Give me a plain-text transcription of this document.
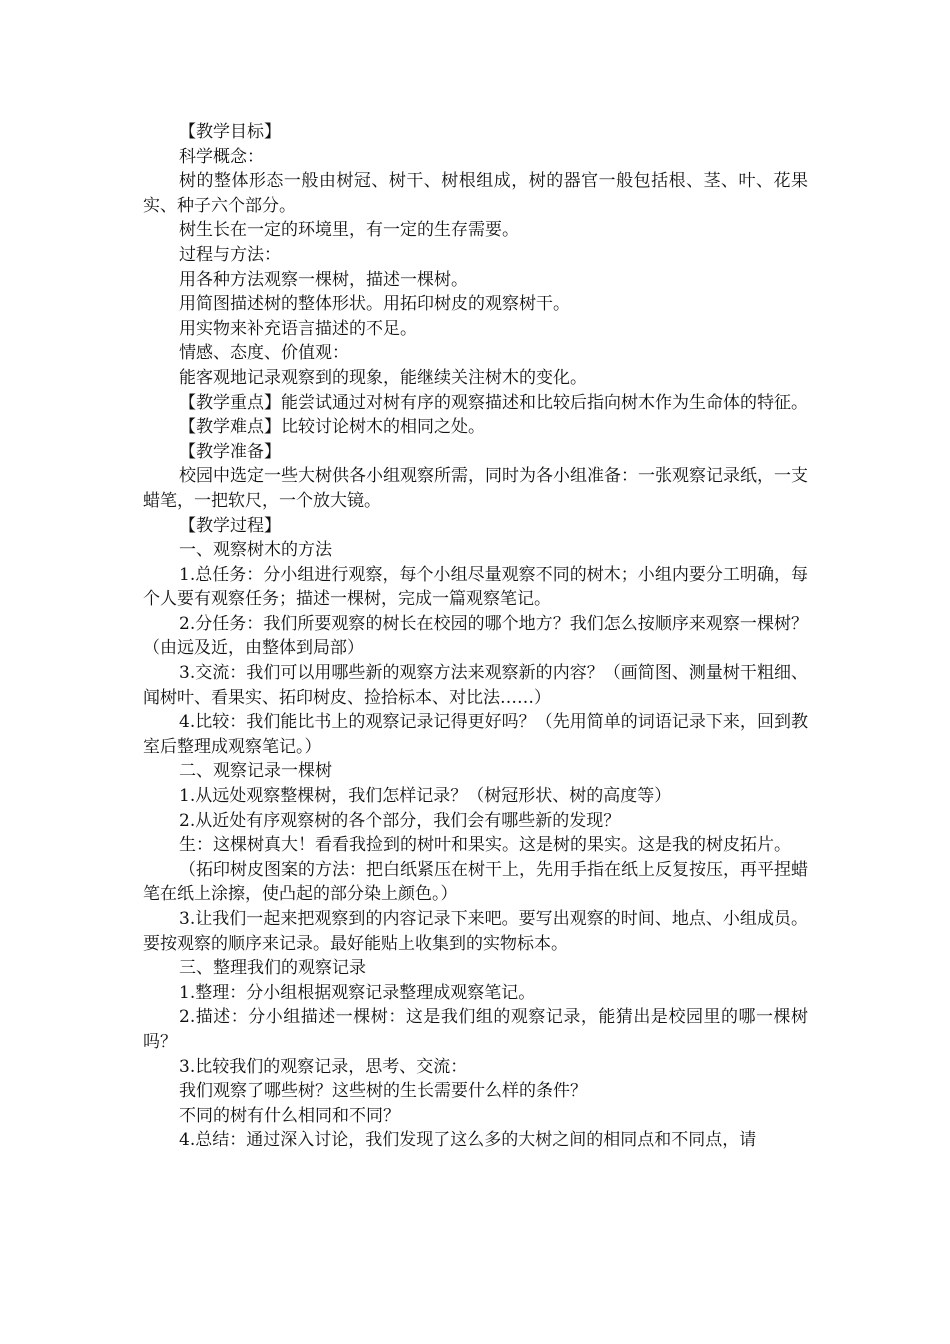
【教学目标】

科学概念：

树的整体形态一般由树冠、树干、树根组成，树的器官一般包括根、茎、叶、花果实、种子六个部分。

树生长在一定的环境里，有一定的生存需要。

过程与方法：

用各种方法观察一棵树，描述一棵树。

用简图描述树的整体形状。用拓印树皮的观察树干。

用实物来补充语言描述的不足。

情感、态度、价值观：

能客观地记录观察到的现象，能继续关注树木的变化。

【教学重点】能尝试通过对树有序的观察描述和比较后指向树木作为生命体的特征。

【教学难点】比较讨论树木的相同之处。

【教学准备】

校园中选定一些大树供各小组观察所需，同时为各小组准备：一张观察记录纸，一支蜡笔，一把软尺，一个放大镜。

【教学过程】

一、观察树木的方法

1.总任务：分小组进行观察，每个小组尽量观察不同的树木；小组内要分工明确，每个人要有观察任务；描述一棵树，完成一篇观察笔记。

2.分任务：我们所要观察的树长在校园的哪个地方？我们怎么按顺序来观察一棵树？（由远及近，由整体到局部）

3.交流：我们可以用哪些新的观察方法来观察新的内容？（画简图、测量树干粗细、闻树叶、看果实、拓印树皮、捡拾标本、对比法……）

4.比较：我们能比书上的观察记录记得更好吗？（先用简单的词语记录下来，回到教室后整理成观察笔记。）

二、观察记录一棵树

1.从远处观察整棵树，我们怎样记录？（树冠形状、树的高度等）

2.从近处有序观察树的各个部分，我们会有哪些新的发现？

生：这棵树真大！看看我捡到的树叶和果实。这是树的果实。这是我的树皮拓片。

（拓印树皮图案的方法：把白纸紧压在树干上，先用手指在纸上反复按压，再平捏蜡笔在纸上涂擦，使凸起的部分染上颜色。）

3.让我们一起来把观察到的内容记录下来吧。要写出观察的时间、地点、小组成员。要按观察的顺序来记录。最好能贴上收集到的实物标本。

三、整理我们的观察记录

1.整理：分小组根据观察记录整理成观察笔记。

2.描述：分小组描述一棵树：这是我们组的观察记录，能猜出是校园里的哪一棵树吗？

3.比较我们的观察记录，思考、交流：

我们观察了哪些树？这些树的生长需要什么样的条件？

不同的树有什么相同和不同？

4.总结：通过深入讨论，我们发现了这么多的大树之间的相同点和不同点，请
